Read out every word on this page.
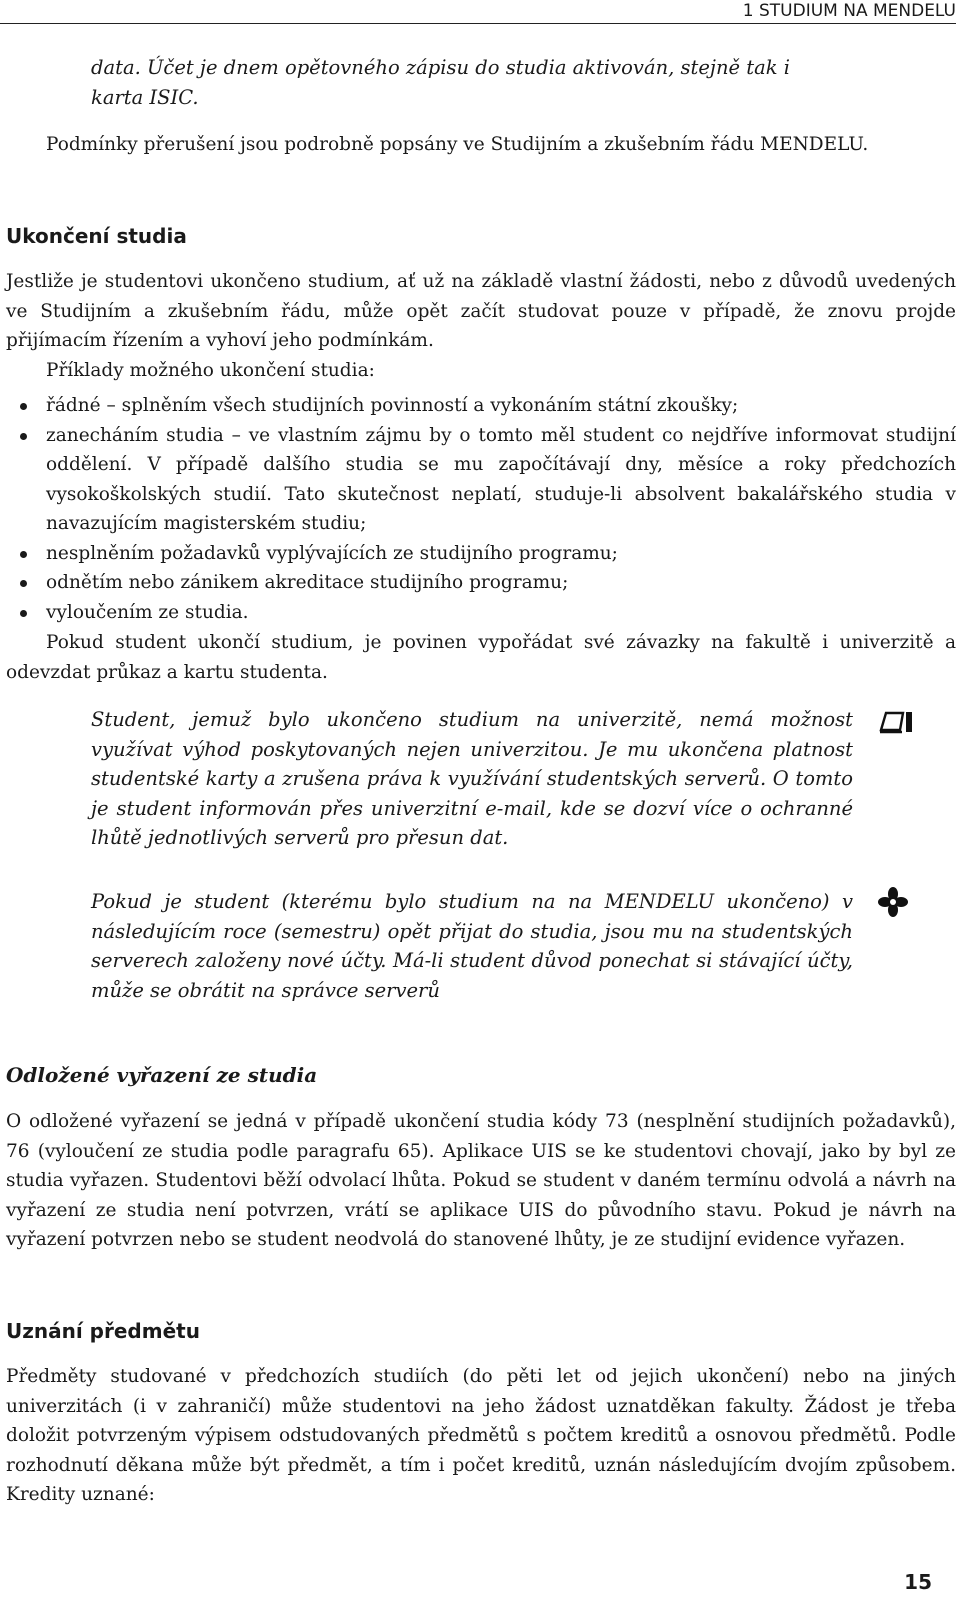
1 STUDIUM NA MENDELU

data. Účet je dnem opětovného zápisu do studia aktivován, stejně tak i

karta ISIC.

Podmínky přerušení jsou podrobně popsány ve Studijním a zkušebním řádu MENDELU.

Ukončení studia

Jestliže je studentovi ukončeno studium, ať už na základě vlastní žádosti, nebo z důvodů uvedených ve Studijním a zkušebním řádu, může opět začít studovat pouze v případě, že znovu projde přijímacím řízením a vyhoví jeho podmínkám.

Příklady možného ukončení studia:

řádné – splněním všech studijních povinností a vykonáním státní zkoušky;
zanecháním studia – ve vlastním zájmu by o tomto měl student co nejdříve informovat studijní oddělení. V případě dalšího studia se mu započítávají dny, měsíce a roky předchozích vysokoškolských studií. Tato skutečnost neplatí, studuje-li absolvent bakalářského studia v navazujícím magisterském studiu;
nesplněním požadavků vyplývajících ze studijního programu;
odnětím nebo zánikem akreditace studijního programu;
vyloučením ze studia.

Pokud student ukončí studium, je povinen vypořádat své závazky na fakultě i univerzitě a odevzdat průkaz a kartu studenta.

Student, jemuž bylo ukončeno studium na univerzitě, nemá možnost využívat výhod poskytovaných nejen univerzitou. Je mu ukončena platnost studentské karty a zrušena práva k využívání studentských serverů. O tomto je student informován přes univerzitní e-mail, kde se dozví více o ochranné lhůtě jednotlivých serverů pro přesun dat.

Pokud je student (kterému bylo studium na na MENDELU ukončeno) v následujícím roce (semestru) opět přijat do studia, jsou mu na studentských serverech založeny nové účty. Má-li student důvod ponechat si stávající účty, může se obrátit na správce serverů

Odložené vyřazení ze studia

O odložené vyřazení se jedná v případě ukončení studia kódy 73 (nesplnění studijních požadavků), 76 (vyloučení ze studia podle paragrafu 65). Aplikace UIS se ke studentovi chovají, jako by byl ze studia vyřazen. Studentovi běží odvolací lhůta. Pokud se student v daném termínu odvolá a návrh na vyřazení ze studia není potvrzen, vrátí se aplikace UIS do původního stavu. Pokud je návrh na vyřazení potvrzen nebo se student neodvolá do stanovené lhůty, je ze studijní evidence vyřazen.

Uznání předmětu

Předměty studované v předchozích studiích (do pěti let od jejich ukončení) nebo na jiných univerzitách (i v zahraničí) může studentovi na jeho žádost uznatděkan fakulty. Žádost je třeba doložit potvrzeným výpisem odstudovaných předmětů s počtem kreditů a osnovou předmětů. Podle rozhodnutí děkana může být předmět, a tím i počet kreditů, uznán následujícím dvojím způsobem. Kredity uznané:

15
